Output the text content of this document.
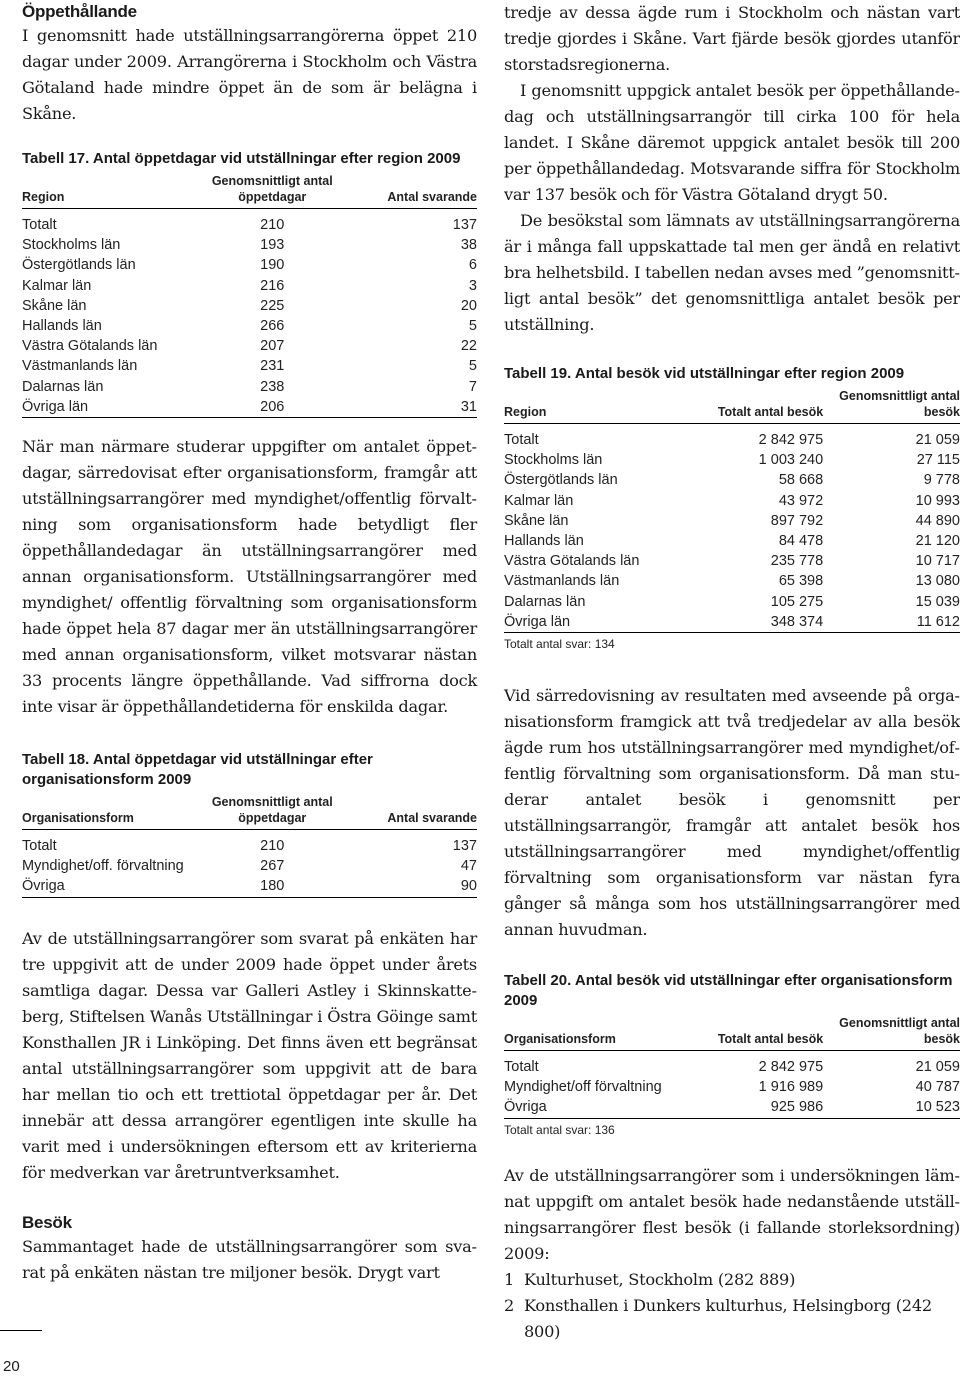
Öppethållande

I genomsnitt hade utställningsarrangörerna öppet 210 dagar under 2009. Arrangörerna i Stockholm och Västra Götaland hade mindre öppet än de som är belägna i Skåne.

Tabell 17. Antal öppetdagar vid utställningar efter region 2009

Region	Genomsnittligt antal öppetdagar	Antal svarande
Totalt	210	137
Stockholms län	193	38
Östergötlands län	190	6
Kalmar län	216	3
Skåne län	225	20
Hallands län	266	5
Västra Götalands län	207	22
Västmanlands län	231	5
Dalarnas län	238	7
Övriga län	206	31

När man närmare studerar uppgifter om antalet öppetdagar, särredovisat efter organisationsform, framgår att utställningsarrangörer med myndighet/offentlig förvaltning som organisationsform hade betydligt fler öppethållandedagar än utställningsarrangörer med annan organisationsform. Utställningsarrangörer med myndighet/ offentlig förvaltning som organisationsform hade öppet hela 87 dagar mer än utställningsarrangörer med annan organisationsform, vilket motsvarar nästan 33 procents längre öppethållande. Vad siffrorna dock inte visar är öppethållandetiderna för enskilda dagar.

Tabell 18. Antal öppetdagar vid utställningar efter organisationsform 2009

Organisationsform	Genomsnittligt antal öppetdagar	Antal svarande
Totalt	210	137
Myndighet/off. förvaltning	267	47
Övriga	180	90

Av de utställningsarrangörer som svarat på enkäten har tre uppgivit att de under 2009 hade öppet under årets samtliga dagar. Dessa var Galleri Astley i Skinnskatteberg, Stiftelsen Wanås Utställningar i Östra Göinge samt Konsthallen JR i Linköping. Det finns även ett begränsat antal utställningsarrangörer som uppgivit att de bara har mellan tio och ett trettiotal öppetdagar per år. Det innebär att dessa arrangörer egentligen inte skulle ha varit med i undersökningen eftersom ett av kriterierna för medverkan var åretruntverksamhet.

Besök

Sammantaget hade de utställningsarrangörer som svarat på enkäten nästan tre miljoner besök. Drygt vart

tredje av dessa ägde rum i Stockholm och nästan vart tredje gjordes i Skåne. Vart fjärde besök gjordes utanför storstadsregionerna.

I genomsnitt uppgick antalet besök per öppethållandedag och utställningsarrangör till cirka 100 för hela landet. I Skåne däremot uppgick antalet besök till 200 per öppethållandedag. Motsvarande siffra för Stockholm var 137 besök och för Västra Götaland drygt 50.

De besökstal som lämnats av utställningsarrangörerna är i många fall uppskattade tal men ger ändå en relativt bra helhetsbild. I tabellen nedan avses med ”genomsnittligt antal besök” det genomsnittliga antalet besök per utställning.

Tabell 19. Antal besök vid utställningar efter region 2009

Region	Totalt antal besök	Genomsnittligt antal besök
Totalt	2 842 975	21 059
Stockholms län	1 003 240	27 115
Östergötlands län	58 668	9 778
Kalmar län	43 972	10 993
Skåne län	897 792	44 890
Hallands län	84 478	21 120
Västra Götalands län	235 778	10 717
Västmanlands län	65 398	13 080
Dalarnas län	105 275	15 039
Övriga län	348 374	11 612
Totalt antal svar: 134

Vid särredovisning av resultaten med avseende på organisationsform framgick att två tredjedelar av alla besök ägde rum hos utställningsarrangörer med myndighet/offentlig förvaltning som organisationsform. Då man studerar antalet besök i genomsnitt per utställningsarrangör, framgår att antalet besök hos utställningsarrangörer med myndighet/offentlig förvaltning som organisationsform var nästan fyra gånger så många som hos utställningsarrangörer med annan huvudman.

Tabell 20. Antal besök vid utställningar efter organisationsform 2009

Organisationsform	Totalt antal besök	Genomsnittligt antal besök
Totalt	2 842 975	21 059
Myndighet/off förvaltning	1 916 989	40 787
Övriga	925 986	10 523
Totalt antal svar: 136

Av de utställningsarrangörer som i undersökningen lämnat uppgift om antalet besök hade nedanstående utställningsarrangörer flest besök (i fallande storleksordning) 2009:

1 Kulturhuset, Stockholm (282 889)
2 Konsthallen i Dunkers kulturhus, Helsingborg (242 800)
20
